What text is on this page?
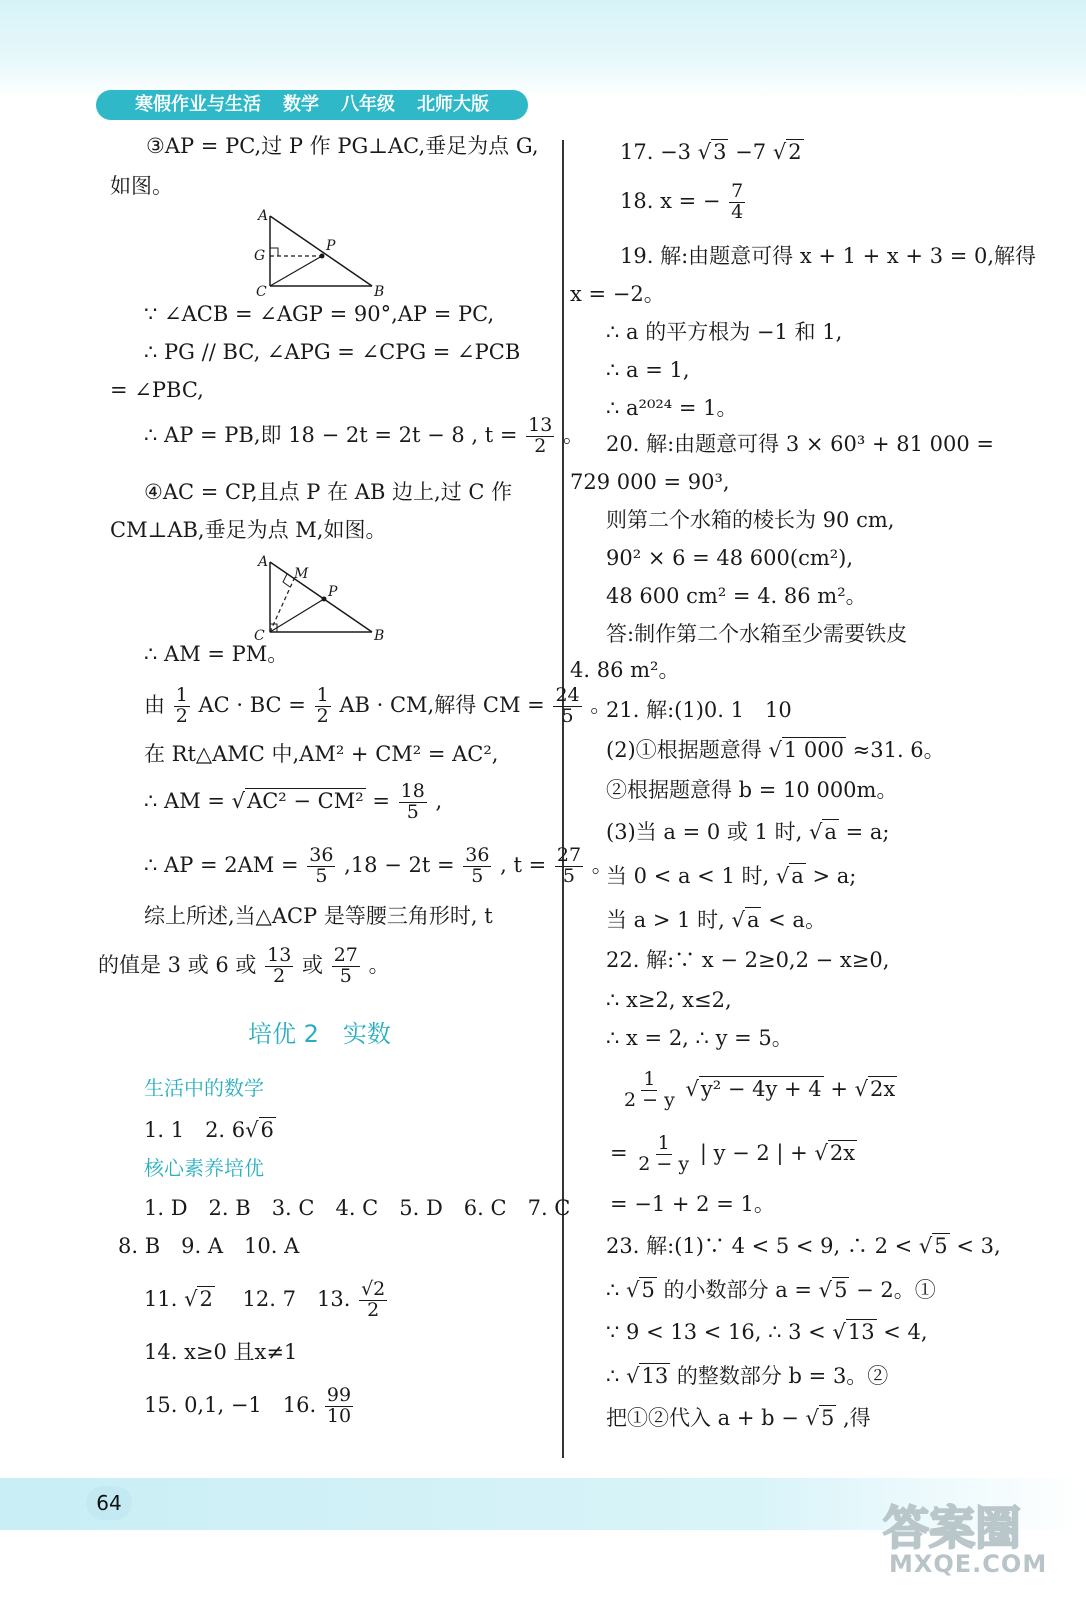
寒假作业与生活 数学 八年级 北师大版
③AP = PC,过 P 作 PG⊥AC,垂足为点 G,
如图。
A
G
P
C	B
∵ ∠ACB = ∠AGP = 90°,AP = PC,
∴ PG // BC, ∠APG = ∠CPG = ∠PCB
= ∠PBC,
∴ AP = PB,即 18 − 2t = 2t − 8 , $t = \frac{13}{2}$ 。
④AC = CP,且点 P 在 AB 边上,过 C 作
CM⊥AB,垂足为点 M,如图。
A
M
P
C	B
∴ AM = PM。
由 $\frac{1}{2}$ AC · BC = $\frac{1}{2}$ AB · CM,解得 CM = $\frac{24}{5}$ 。
在 Rt△AMC 中,AM² + CM² = AC²,
∴ AM = $√AC^2 - CM^2 = \frac{18}{5}$ ,
∴ AP = $2AM = \frac{36}{5} ,18 - 2t = \frac{36}{5}$ , $t = \frac{27}{5}$ 。
综上所述,当△ACP 是等腰三角形时, t
的值是 3 或 6 或 $\frac{13}{2}$ 或 $\frac{27}{5}$ 。
培优 2　实数
生活中的数学
1. 1　2. 6√6
核心素养培优
1. D　2. B　3. C　4. C　5. D　6. C　7. C
8. B　9. A　10. A
11. √2 　12. 7　13. $\frac{√2}{2}$
14. x≥0 且x≠1
15. 0,1, −1　16. $\frac{99}{10}$
17. −3 √3 −7 √2
18. x = − $\frac{7}{4}$
19. 解:由题意可得 x + 1 + x + 3 = 0,解得
x = −2。
∴ a 的平方根为 −1 和 1,
∴ a = 1,
∴ a²⁰²⁴ = 1。
20. 解:由题意可得 3 × 60³ + 81 000 =
729 000 = 90³,
则第二个水箱的棱长为 90 cm,
90² × 6 = 48 600(cm²),
48 600 cm² = 4. 86 m²。
答:制作第二个水箱至少需要铁皮
4. 86 m²。
21. 解:(1)0. 1　10
(2)①根据题意得 √1 000 ≈31. 6。
②根据题意得 b = 10 000m。
(3)当 a = 0 或 1 时, √a = a;
当 0 < a < 1 时, √a > a;
当 a > 1 时, √a < a。
22. 解:∵ x − 2≥0,2 − x≥0,
∴ x≥2, x≤2,
∴ x = 2, ∴ y = 5。
$\frac{1}{2 - y} √y^2 - 4y + 4 + √2x$
= $\frac{1}{2 - y}$ | y − 2 | + √2x
= −1 + 2 = 1。
23. 解:(1)∵ 4 < 5 < 9, ∴ 2 < √5 < 3,
∴ √5 的小数部分 a = √5 − 2。①
∵ 9 < 13 < 16, ∴ 3 < √13 < 4,
∴ √13 的整数部分 b = 3。②
把①②代入 a + b − √5 ,得
64	答案圈
MXQE.COM
